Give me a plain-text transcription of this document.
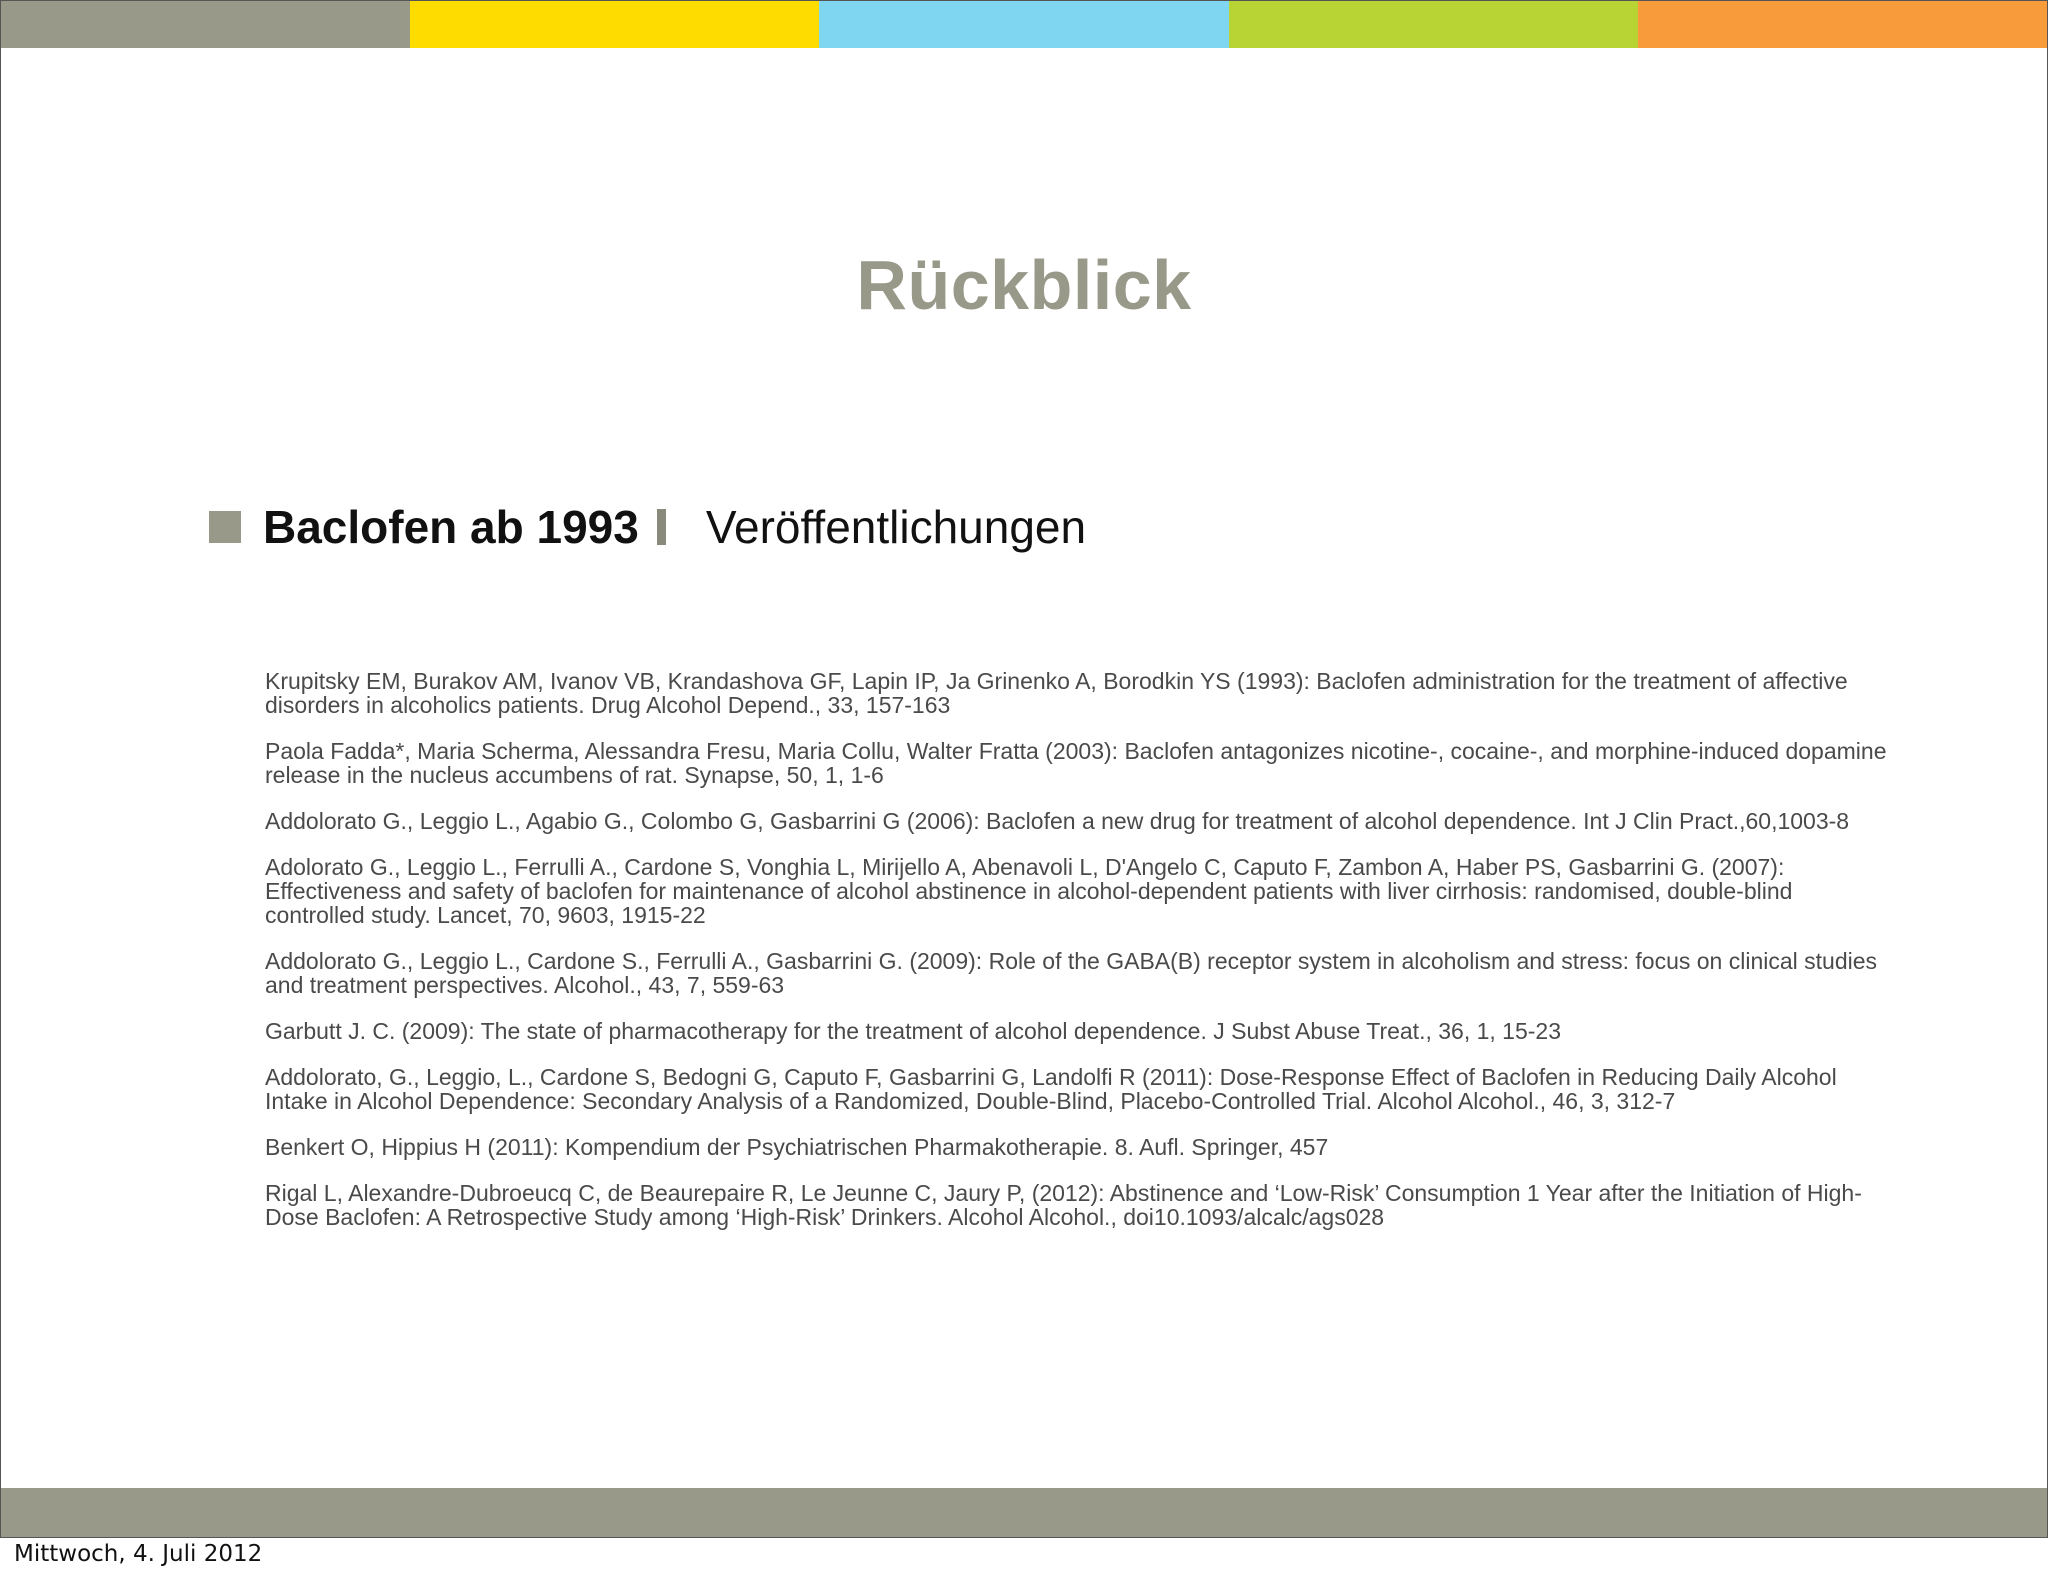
Rückblick
Baclofen ab 1993 Veröffentlichungen
Krupitsky EM, Burakov AM, Ivanov VB, Krandashova GF, Lapin IP, Ja Grinenko A, Borodkin YS (1993): Baclofen administration for the treatment of affective disorders in alcoholics patients. Drug Alcohol Depend., 33, 157-163
Paola Fadda*, Maria Scherma, Alessandra Fresu, Maria Collu, Walter Fratta (2003): Baclofen antagonizes nicotine-, cocaine-, and morphine-induced dopamine release in the nucleus accumbens of rat. Synapse, 50, 1, 1-6
Addolorato G., Leggio L., Agabio G., Colombo G, Gasbarrini G (2006): Baclofen a new drug for treatment of alcohol dependence. Int J Clin Pract.,60,1003-8
Adolorato G., Leggio L., Ferrulli A., Cardone S, Vonghia L, Mirijello A, Abenavoli L, D'Angelo C, Caputo F, Zambon A, Haber PS, Gasbarrini G. (2007): Effectiveness and safety of baclofen for maintenance of alcohol abstinence in alcohol-dependent patients with liver cirrhosis: randomised, double-blind controlled study. Lancet, 70, 9603, 1915-22
Addolorato G., Leggio L., Cardone S., Ferrulli A., Gasbarrini G. (2009): Role of the GABA(B) receptor system in alcoholism and stress: focus on clinical studies and treatment perspectives. Alcohol., 43, 7, 559-63
Garbutt J. C. (2009): The state of pharmacotherapy for the treatment of alcohol dependence. J Subst Abuse Treat., 36, 1, 15-23
Addolorato, G., Leggio, L., Cardone S, Bedogni G, Caputo F, Gasbarrini G, Landolfi R (2011): Dose-Response Effect of Baclofen in Reducing Daily Alcohol Intake in Alcohol Dependence: Secondary Analysis of a Randomized, Double-Blind, Placebo-Controlled Trial. Alcohol Alcohol., 46, 3, 312-7
Benkert O, Hippius H (2011): Kompendium der Psychiatrischen Pharmakotherapie. 8. Aufl. Springer, 457
Rigal L, Alexandre-Dubroeucq C, de Beaurepaire R, Le Jeunne C, Jaury P, (2012): Abstinence and ‘Low-Risk’ Consumption 1 Year after the Initiation of High-Dose Baclofen: A Retrospective Study among ‘High-Risk’ Drinkers. Alcohol Alcohol., doi10.1093/alcalc/ags028
Mittwoch, 4. Juli 2012
